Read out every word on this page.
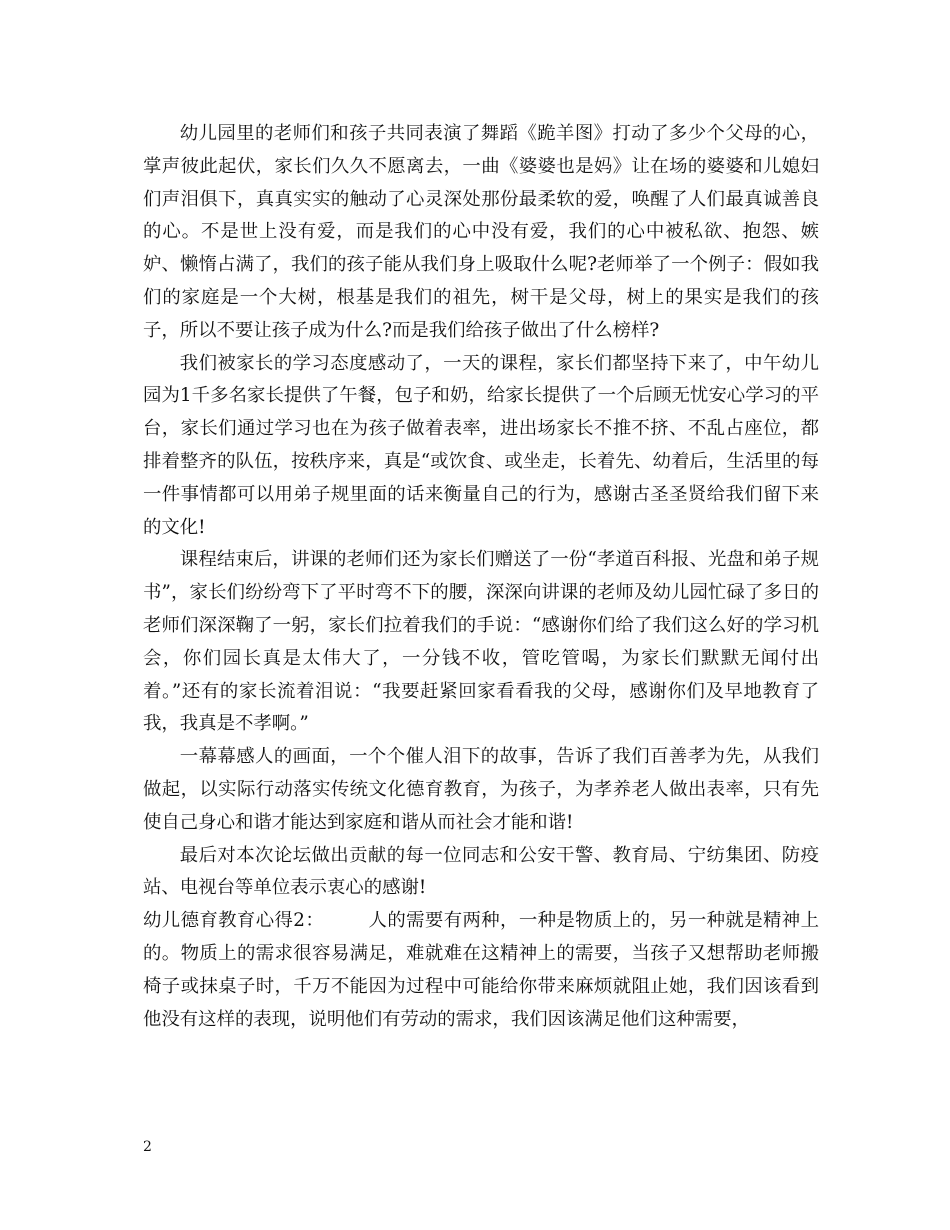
幼儿园里的老师们和孩子共同表演了舞蹈《跪羊图》打动了多少个父母的心，掌声彼此起伏，家长们久久不愿离去，一曲《婆婆也是妈》让在场的婆婆和儿媳妇们声泪俱下，真真实实的触动了心灵深处那份最柔软的爱，唤醒了人们最真诚善良的心。不是世上没有爱，而是我们的心中没有爱，我们的心中被私欲、抱怨、嫉妒、懒惰占满了，我们的孩子能从我们身上吸取什么呢?老师举了一个例子：假如我们的家庭是一个大树，根基是我们的祖先，树干是父母，树上的果实是我们的孩子，所以不要让孩子成为什么?而是我们给孩子做出了什么榜样?

我们被家长的学习态度感动了，一天的课程，家长们都坚持下来了，中午幼儿园为1千多名家长提供了午餐，包子和奶，给家长提供了一个后顾无忧安心学习的平台，家长们通过学习也在为孩子做着表率，进出场家长不推不挤、不乱占座位，都排着整齐的队伍，按秩序来，真是“或饮食、或坐走，长着先、幼着后，生活里的每一件事情都可以用弟子规里面的话来衡量自己的行为，感谢古圣圣贤给我们留下来的文化!

课程结束后，讲课的老师们还为家长们赠送了一份“孝道百科报、光盘和弟子规书”，家长们纷纷弯下了平时弯不下的腰，深深向讲课的老师及幼儿园忙碌了多日的老师们深深鞠了一躬，家长们拉着我们的手说：“感谢你们给了我们这么好的学习机会，你们园长真是太伟大了，一分钱不收，管吃管喝，为家长们默默无闻付出着。”还有的家长流着泪说：“我要赶紧回家看看我的父母，感谢你们及早地教育了我，我真是不孝啊。”

一幕幕感人的画面，一个个催人泪下的故事，告诉了我们百善孝为先，从我们做起，以实际行动落实传统文化德育教育，为孩子，为孝养老人做出表率，只有先使自己身心和谐才能达到家庭和谐从而社会才能和谐!

最后对本次论坛做出贡献的每一位同志和公安干警、教育局、宁纺集团、防疫站、电视台等单位表示衷心的感谢!

幼儿德育教育心得2： 人的需要有两种，一种是物质上的，另一种就是精神上的。物质上的需求很容易满足，难就难在这精神上的需要，当孩子又想帮助老师搬椅子或抹桌子时，千万不能因为过程中可能给你带来麻烦就阻止她，我们因该看到他没有这样的表现，说明他们有劳动的需求，我们因该满足他们这种需要，

2
